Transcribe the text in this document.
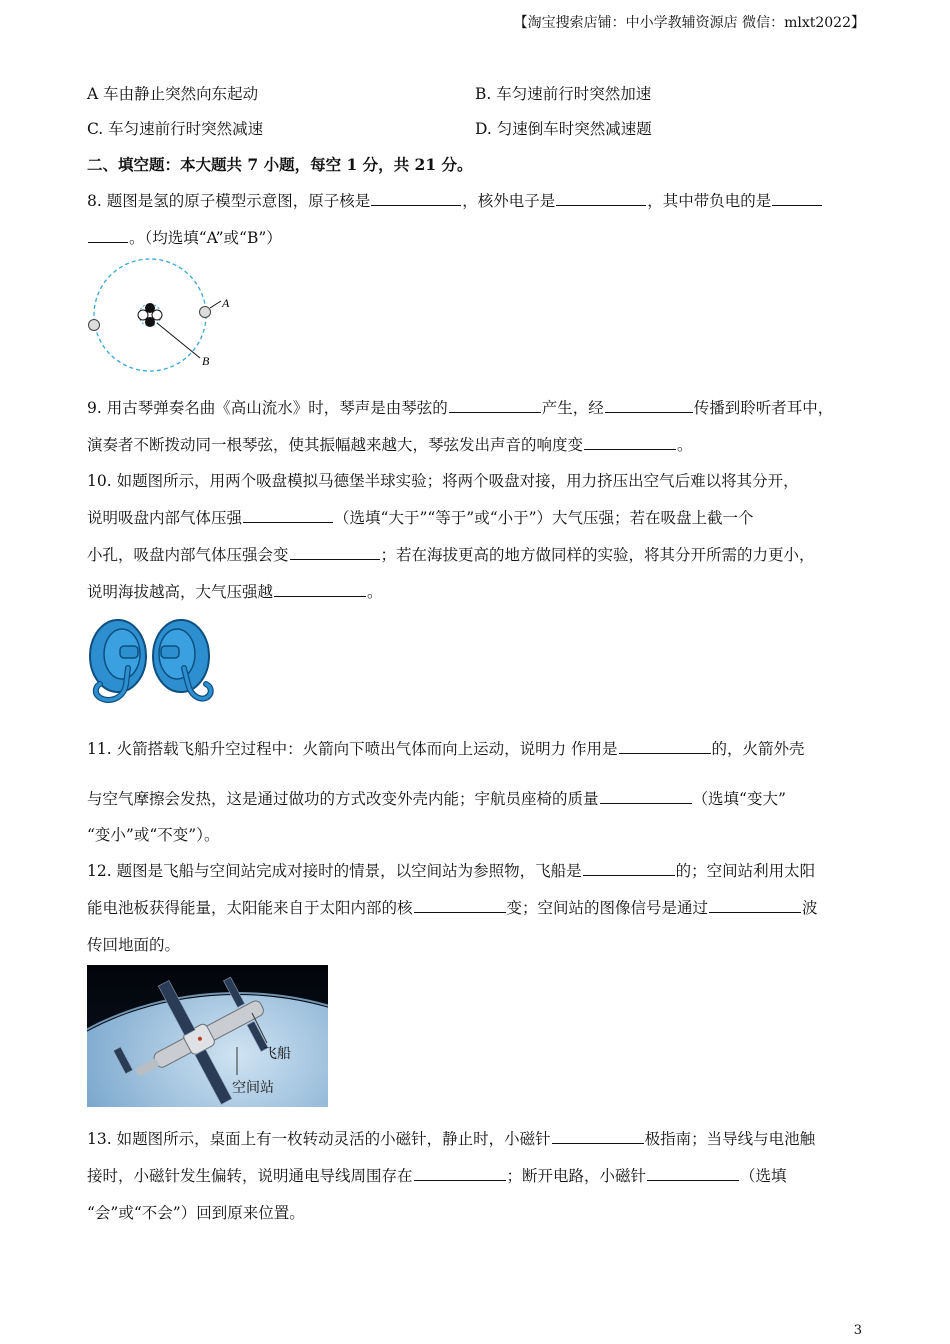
【淘宝搜索店铺：中小学教辅资源店 微信：mlxt2022】
A 车由静止突然向东起动	B. 车匀速前行时突然加速
C. 车匀速前行时突然减速	D. 匀速倒车时突然减速题
二、填空题：本大题共 7 小题，每空 1 分，共 21 分。
8. 题图是氢的原子模型示意图，原子核是	，核外电子是	，其中带负电的是
。（均选填“A”或“B”）
A
B
9. 用古琴弹奏名曲《高山流水》时，琴声是由琴弦的	产生，经	传播到聆听者耳中，
演奏者不断拨动同一根琴弦，使其振幅越来越大，琴弦发出声音的响度变	。
10. 如题图所示，用两个吸盘模拟马德堡半球实验；将两个吸盘对接，用力挤压出空气后难以将其分开，
说明吸盘内部气体压强	（选填“大于”“等于”或“小于”）大气压强；若在吸盘上截一个
小孔，吸盘内部气体压强会变	；若在海拔更高的地方做同样的实验，将其分开所需的力更小，
说明海拔越高，大气压强越	。
11. 火箭搭载飞船升空过程中：火箭向下喷出气体而向上运动，说明力 作用是	的，火箭外壳
与空气摩擦会发热，这是通过做功的方式改变外壳内能；宇航员座椅的质量	（选填“变大”
“变小”或“不变”）。
12. 题图是飞船与空间站完成对接时的情景，以空间站为参照物，飞船是	的；空间站利用太阳
能电池板获得能量，太阳能来自于太阳内部的核	变；空间站的图像信号是通过	波
传回地面的。
飞船
空间站
13. 如题图所示，桌面上有一枚转动灵活的小磁针，静止时，小磁针	极指南；当导线与电池触
接时，小磁针发生偏转，说明通电导线周围存在	；断开电路，小磁针	（选填
“会”或“不会”）回到原来位置。
3
